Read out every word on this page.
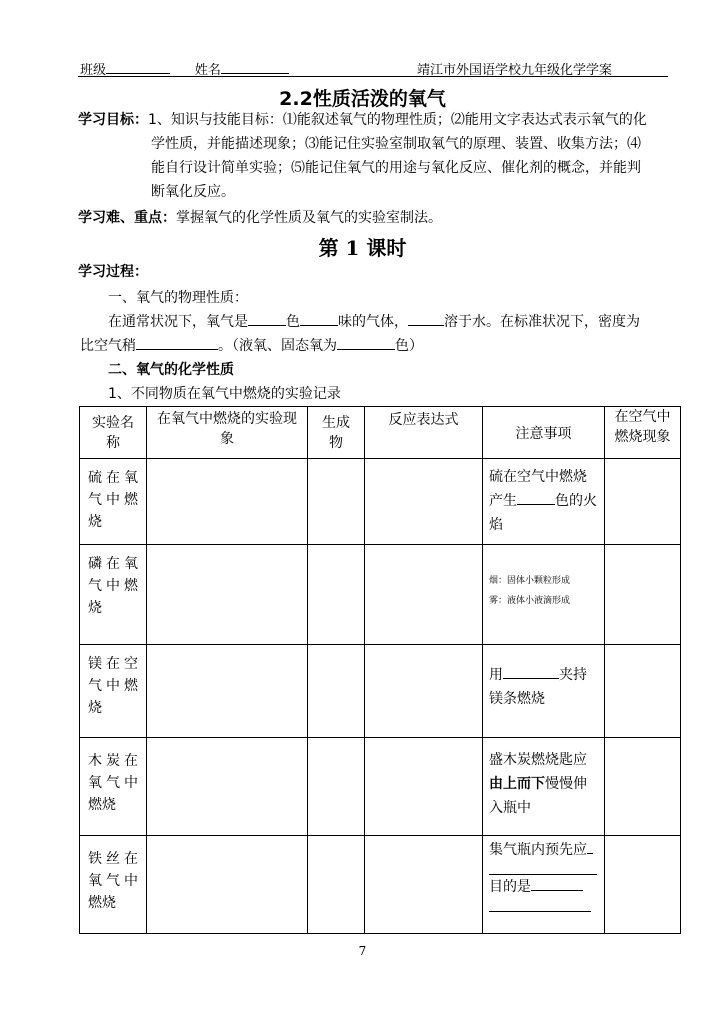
班级	姓名	靖江市外国语学校九年级化学学案
2.2性质活泼的氧气
学习目标：1、知识与技能目标：⑴能叙述氧气的物理性质；⑵能用文字表达式表示氧气的化
学性质，并能描述现象；⑶能记住实验室制取氧气的原理、装置、收集方法；⑷
能自行设计简单实验；⑸能记住氧气的用途与氧化反应、催化剂的概念，并能判
断氧化反应。
学习难、重点：掌握氧气的化学性质及氧气的实验室制法。
第 1 课时
学习过程：
一、氧气的物理性质：
在通常状况下，氧气是	色	味的气体，	溶于水。在标准状况下，密度为
比空气稍	。（液氧、固态氧为	色）
二、氧气的化学性质
1、不同物质在氧气中燃烧的实验记录
实验名称	在氧气中燃烧的实验现象	生成物	反应表达式	注意事项	在空气中燃烧现象
硫在氧气中燃烧				硫在空气中燃烧产生 色的火焰	
磷在氧气中燃烧				烟：固体小颗粒形成
雾：液体小液滴形成	

镁在空气中燃烧				用 夹持镁条燃烧	
木炭在氧气中燃烧				盛木炭燃烧匙应由上而下慢慢伸入瓶中	
铁丝在氧气中燃烧				集气瓶内预先应
目的是	

7
